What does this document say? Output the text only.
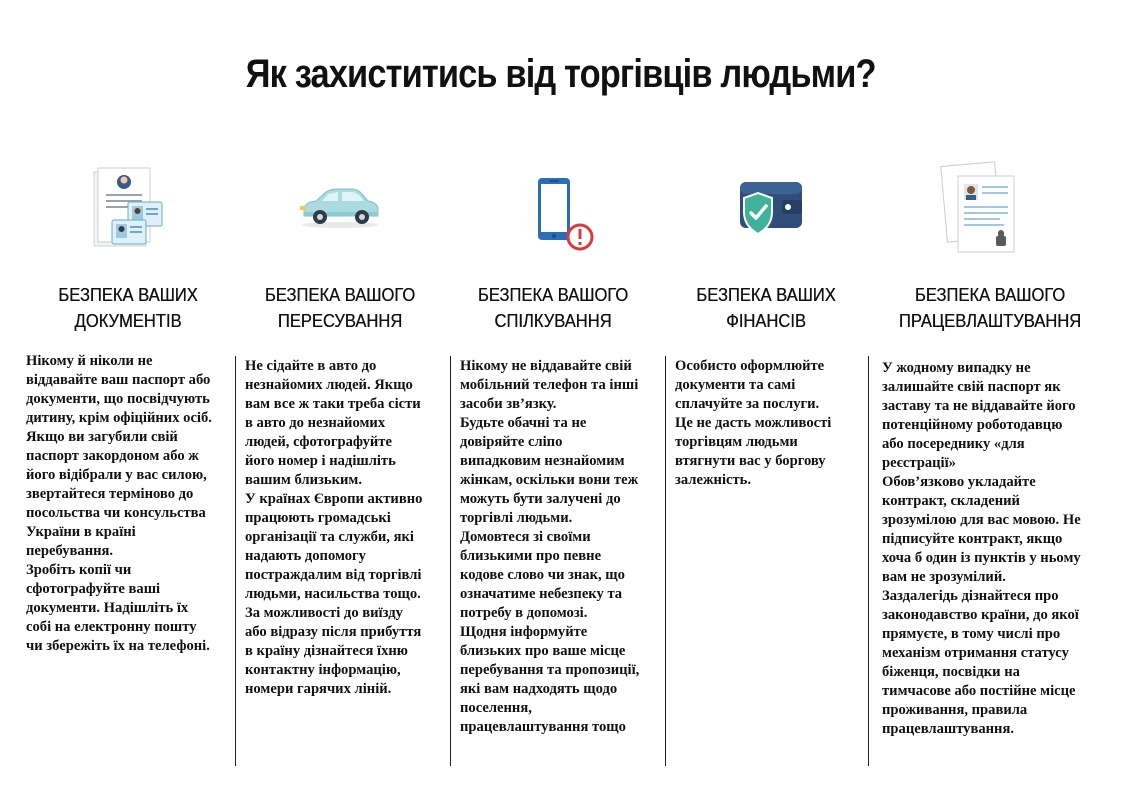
Як захиститись від торгівців людьми?
БЕЗПЕКА ВАШИХ
ДОКУМЕНТІВ
БЕЗПЕКА ВАШОГО
ПЕРЕСУВАННЯ
БЕЗПЕКА ВАШОГО
СПІЛКУВАННЯ
БЕЗПЕКА ВАШИХ
ФІНАНСІВ
БЕЗПЕКА ВАШОГО
ПРАЦЕВЛАШТУВАННЯ
Нікому й ніколи не
віддавайте ваш паспорт або
документи, що посвідчують
дитину, крім офіційних осіб.
Якщо ви загубили свій
паспорт закордоном або ж
його відібрали у вас силою,
звертайтеся терміново до
посольства чи консульства
України в країні
перебування.
Зробіть копії чи
сфотографуйте ваші
документи. Надішліть їх
собі на електронну пошту
чи збережіть їх на телефоні.
Не сідайте в авто до
незнайомих людей. Якщо
вам все ж таки треба сісти
в авто до незнайомих
людей, сфотографуйте
його номер і надішліть
вашим близьким.
У країнах Європи активно
працюють громадські
організації та служби, які
надають допомогу
постраждалим від торгівлі
людьми, насильства тощо.
За можливості до виїзду
або відразу після прибуття
в країну дізнайтеся їхню
контактну інформацію,
номери гарячих ліній.
Нікому не віддавайте свій
мобільний телефон та інші
засоби зв’язку.
Будьте обачні та не
довіряйте сліпо
випадковим незнайомим
жінкам, оскільки вони теж
можуть бути залучені до
торгівлі людьми.
Домовтеся зі своїми
близькими про певне
кодове слово чи знак, що
означатиме небезпеку та
потребу в допомозі.
Щодня інформуйте
близьких про ваше місце
перебування та пропозиції,
які вам надходять щодо
поселення,
працевлаштування тощо
Особисто оформлюйте
документи та самі
сплачуйте за послуги.
Це не дасть можливості
торгівцям людьми
втягнути вас у боргову
залежність.
У жодному випадку не
залишайте свій паспорт як
заставу та не віддавайте його
потенційному роботодавцю
або посереднику «для
реєстрації»
Обов’язково укладайте
контракт, складений
зрозумілою для вас мовою. Не
підписуйте контракт, якщо
хоча б один із пунктів у ньому
вам не зрозумілий.
Заздалегідь дізнайтеся про
законодавство країни, до якої
прямуєте, в тому числі про
механізм отримання статусу
біженця, посвідки на
тимчасове або постійне місце
проживання, правила
працевлаштування.
